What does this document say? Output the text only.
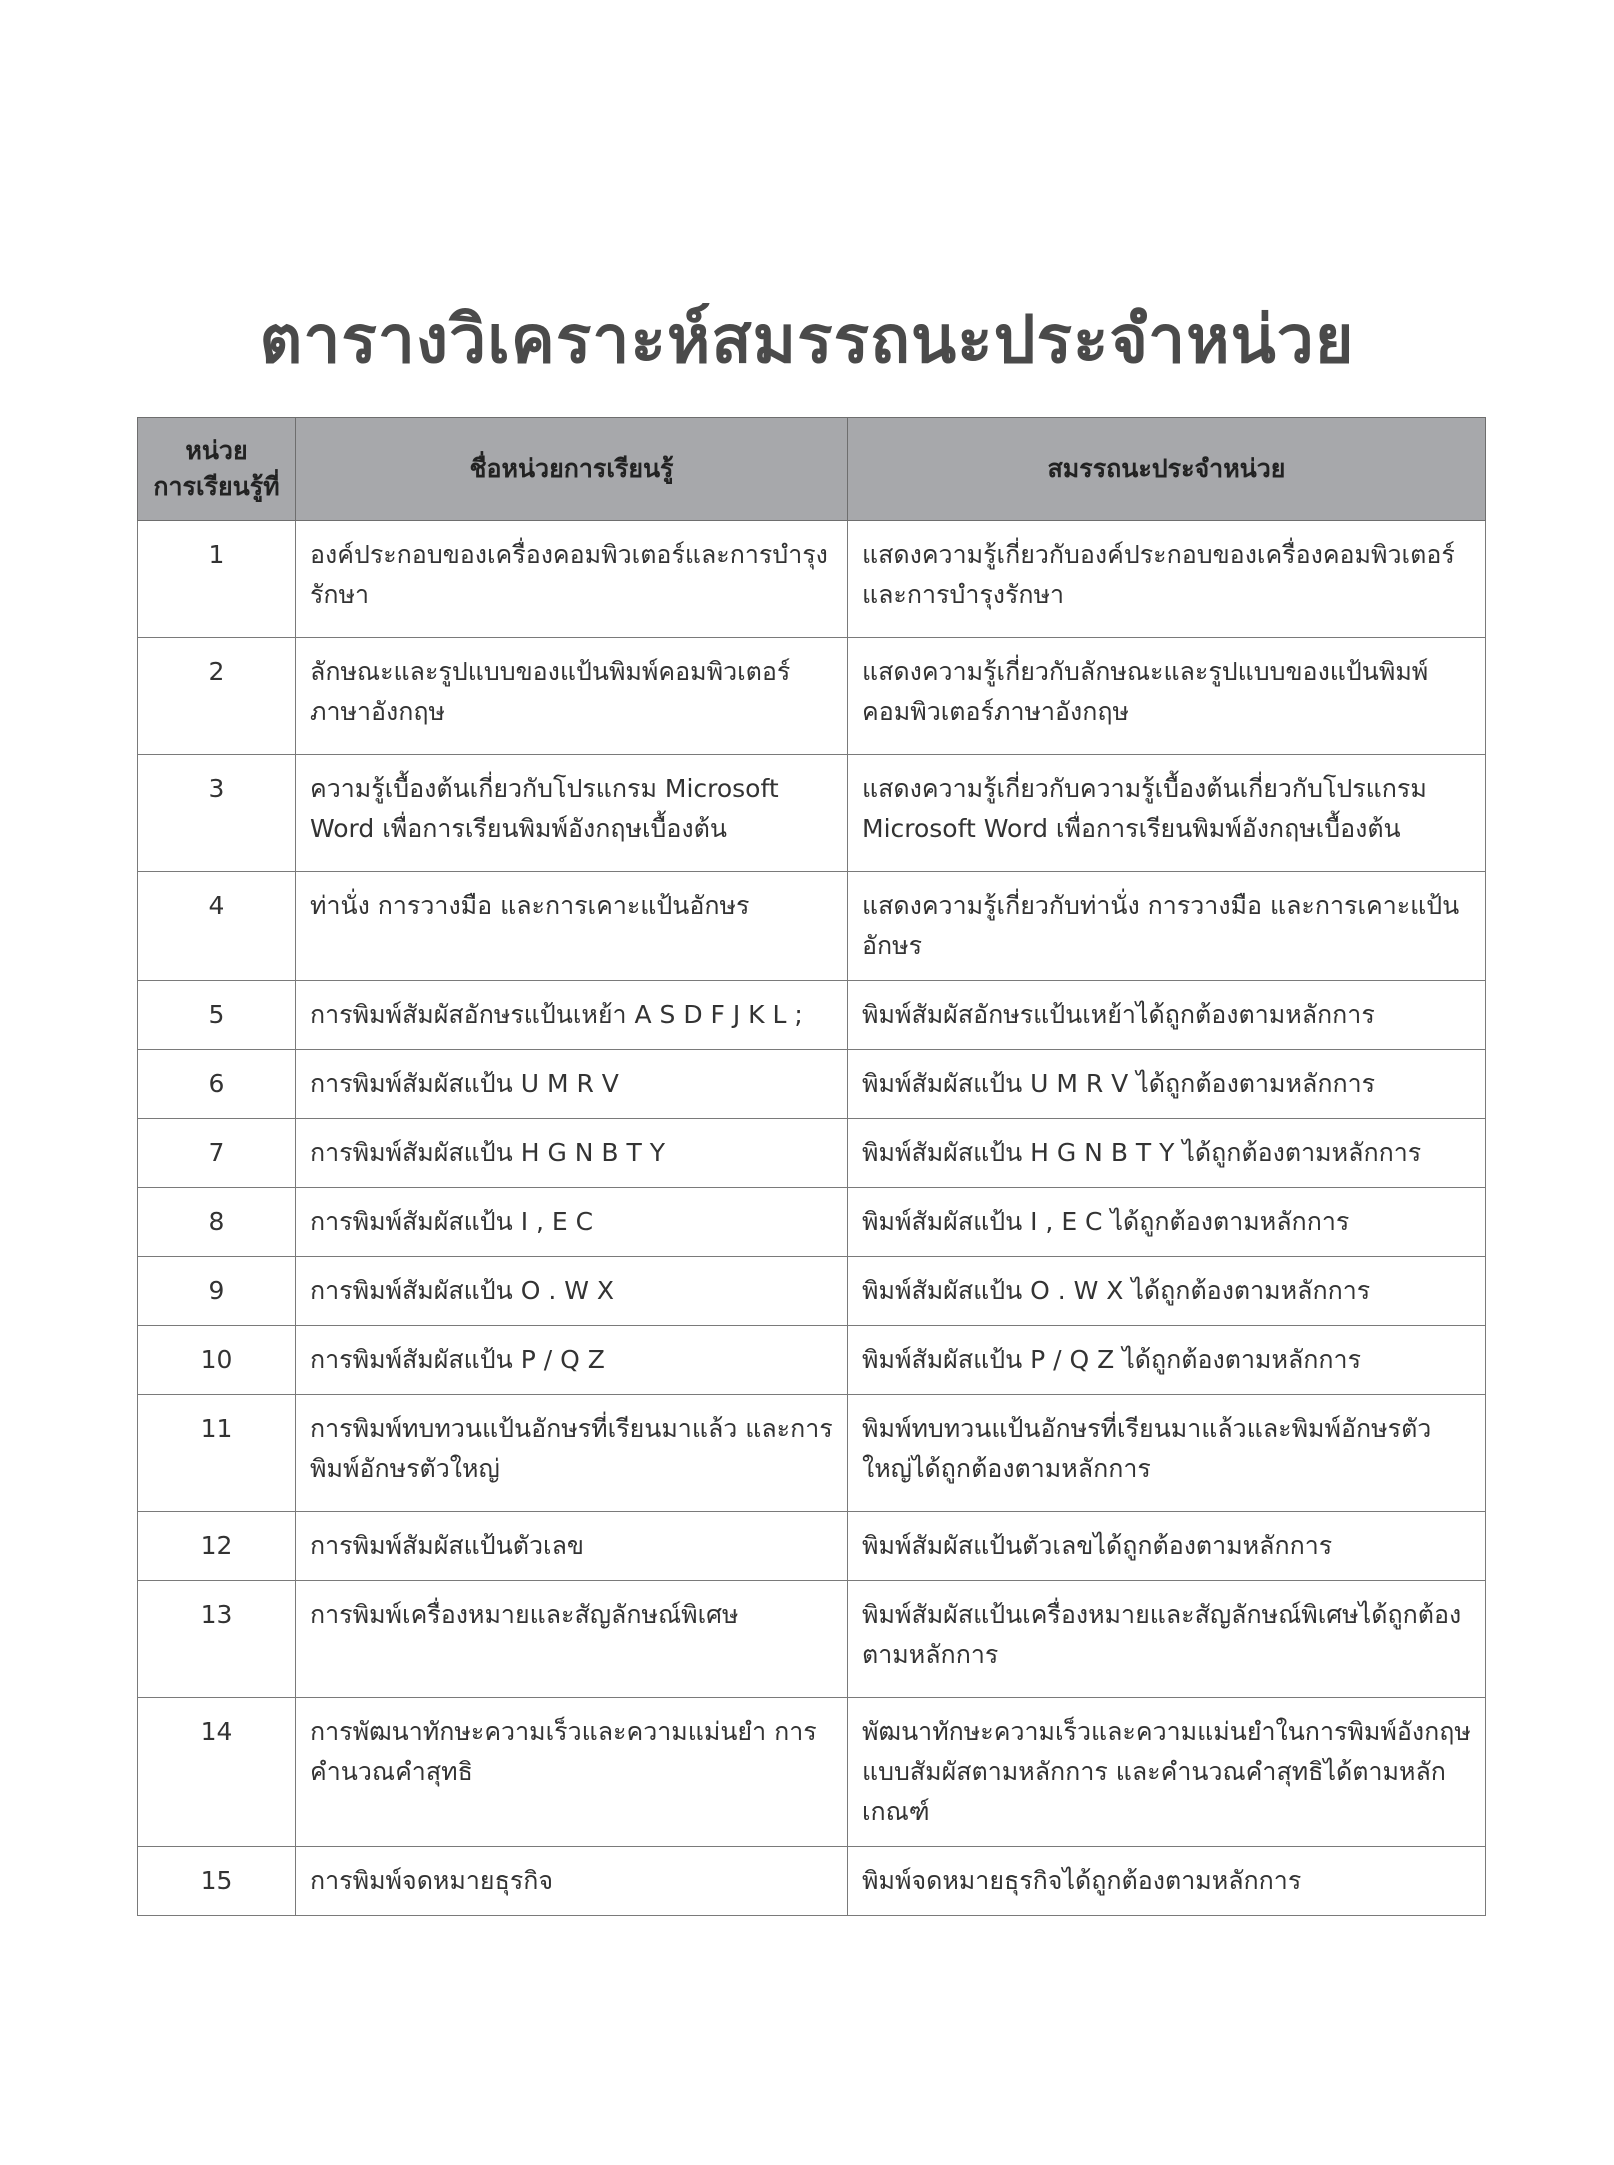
ตารางวิเคราะห์สมรรถนะประจำหน่วย
หน่วย
การเรียนรู้ที่	ชื่อหน่วยการเรียนรู้	สมรรถนะประจำหน่วย
1	องค์ประกอบของเครื่องคอมพิวเตอร์และการบำรุงรักษา	แสดงความรู้เกี่ยวกับองค์ประกอบของเครื่องคอมพิวเตอร์และการบำรุงรักษา
2	ลักษณะและรูปแบบของแป้นพิมพ์คอมพิวเตอร์ภาษาอังกฤษ	แสดงความรู้เกี่ยวกับลักษณะและรูปแบบของแป้นพิมพ์คอมพิวเตอร์ภาษาอังกฤษ
3	ความรู้เบื้องต้นเกี่ยวกับโปรแกรม Microsoft Word เพื่อการเรียนพิมพ์อังกฤษเบื้องต้น	แสดงความรู้เกี่ยวกับความรู้เบื้องต้นเกี่ยวกับโปรแกรม Microsoft Word เพื่อการเรียนพิมพ์อังกฤษเบื้องต้น
4	ท่านั่ง การวางมือ และการเคาะแป้นอักษร	แสดงความรู้เกี่ยวกับท่านั่ง การวางมือ และการเคาะแป้นอักษร
5	การพิมพ์สัมผัสอักษรแป้นเหย้า A S D F J K L ;	พิมพ์สัมผัสอักษรแป้นเหย้าได้ถูกต้องตามหลักการ
6	การพิมพ์สัมผัสแป้น U M R V	พิมพ์สัมผัสแป้น U M R V ได้ถูกต้องตามหลักการ
7	การพิมพ์สัมผัสแป้น H G N B T Y	พิมพ์สัมผัสแป้น H G N B T Y ได้ถูกต้องตามหลักการ
8	การพิมพ์สัมผัสแป้น I , E C	พิมพ์สัมผัสแป้น I , E C ได้ถูกต้องตามหลักการ
9	การพิมพ์สัมผัสแป้น O . W X	พิมพ์สัมผัสแป้น O . W X ได้ถูกต้องตามหลักการ
10	การพิมพ์สัมผัสแป้น P / Q Z	พิมพ์สัมผัสแป้น P / Q Z ได้ถูกต้องตามหลักการ
11	การพิมพ์ทบทวนแป้นอักษรที่เรียนมาแล้ว และการพิมพ์อักษรตัวใหญ่	พิมพ์ทบทวนแป้นอักษรที่เรียนมาแล้วและพิมพ์อักษรตัวใหญ่ได้ถูกต้องตามหลักการ
12	การพิมพ์สัมผัสแป้นตัวเลข	พิมพ์สัมผัสแป้นตัวเลขได้ถูกต้องตามหลักการ
13	การพิมพ์เครื่องหมายและสัญลักษณ์พิเศษ	พิมพ์สัมผัสแป้นเครื่องหมายและสัญลักษณ์พิเศษได้ถูกต้องตามหลักการ
14	การพัฒนาทักษะความเร็วและความแม่นยำ การคำนวณคำสุทธิ	พัฒนาทักษะความเร็วและความแม่นยำในการพิมพ์อังกฤษแบบสัมผัสตามหลักการ และคำนวณคำสุทธิได้ตามหลักเกณฑ์
15	การพิมพ์จดหมายธุรกิจ	พิมพ์จดหมายธุรกิจได้ถูกต้องตามหลักการ
